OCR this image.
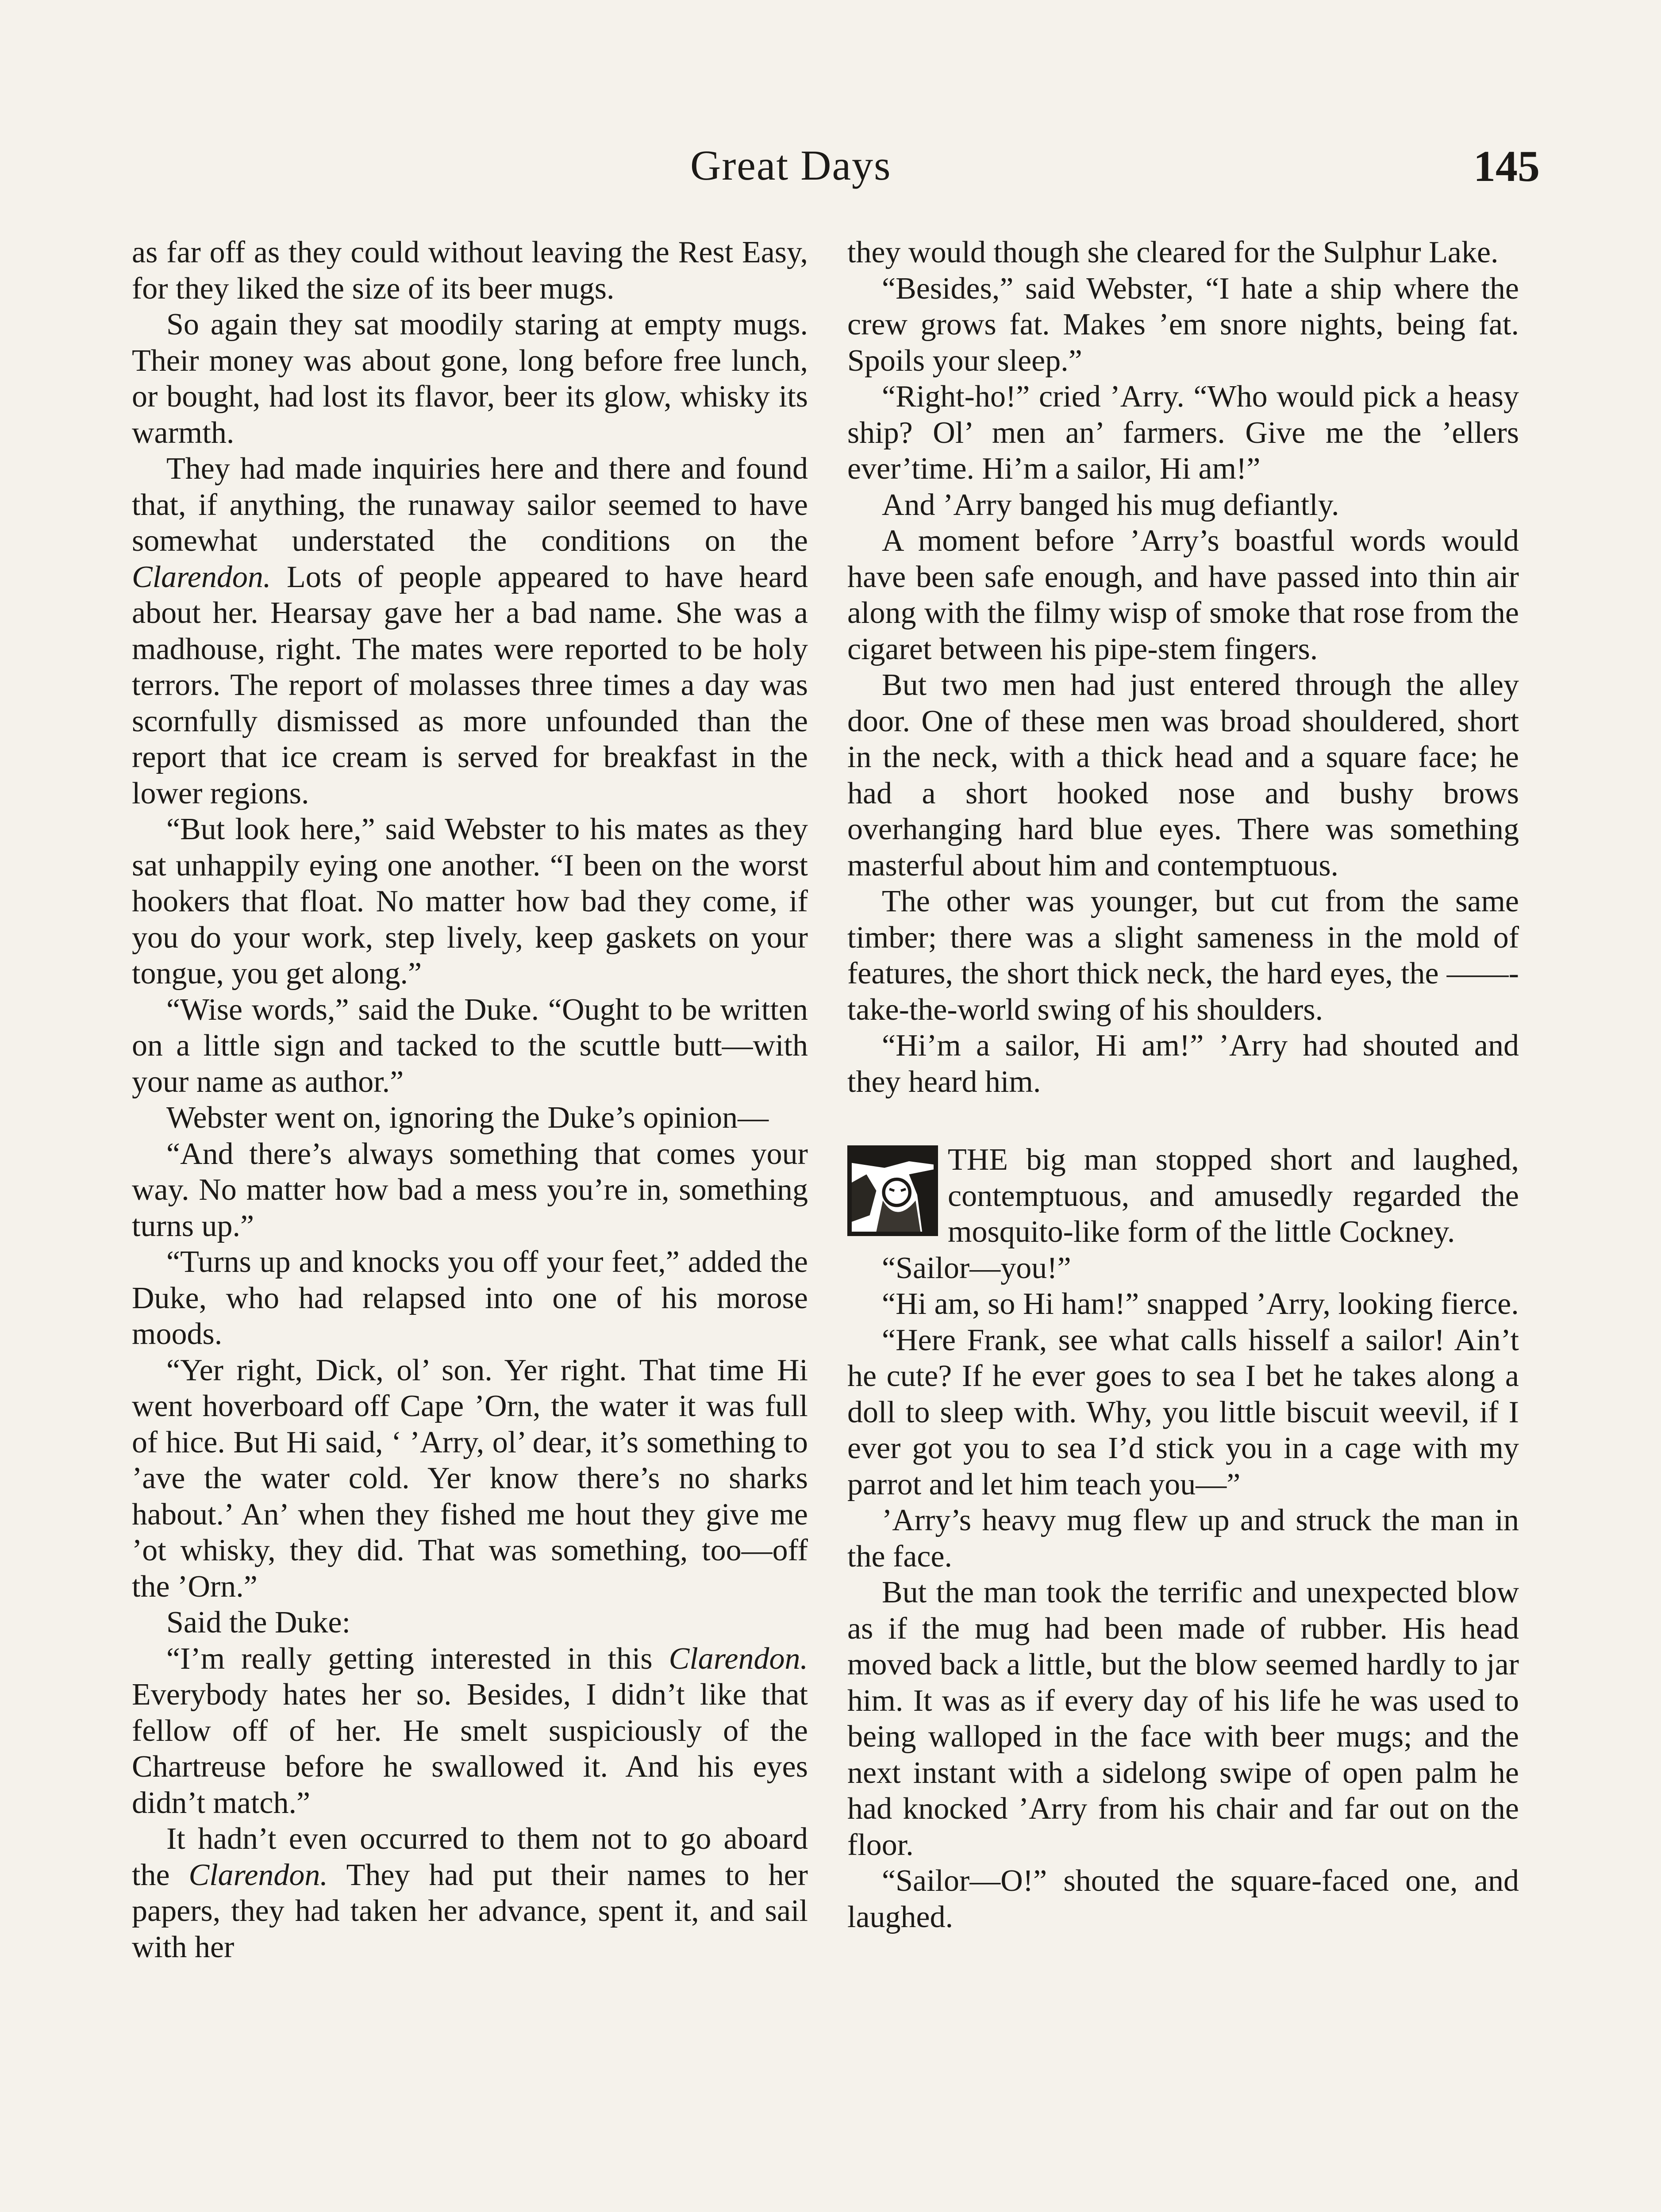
Great Days	145

as far off as they could without leaving the Rest Easy, for they liked the size of its beer mugs.

So again they sat moodily staring at empty mugs. Their money was about gone, long before free lunch, or bought, had lost its flavor, beer its glow, whisky its warmth.

They had made inquiries here and there and found that, if anything, the runaway sailor seemed to have somewhat understated the conditions on the Clarendon. Lots of people appeared to have heard about her. Hearsay gave her a bad name. She was a madhouse, right. The mates were reported to be holy terrors. The report of molasses three times a day was scornfully dismissed as more unfounded than the report that ice cream is served for breakfast in the lower regions.

“But look here,” said Webster to his mates as they sat unhappily eying one another. “I been on the worst hookers that float. No matter how bad they come, if you do your work, step lively, keep gaskets on your tongue, you get along.”

“Wise words,” said the Duke. “Ought to be written on a little sign and tacked to the scuttle butt—with your name as author.”

Webster went on, ignoring the Duke’s opinion—

“And there’s always something that comes your way. No matter how bad a mess you’re in, something turns up.”

“Turns up and knocks you off your feet,” added the Duke, who had relapsed into one of his morose moods.

“Yer right, Dick, ol’ son. Yer right. That time Hi went hoverboard off Cape ’Orn, the water it was full of hice. But Hi said, ‘ ’Arry, ol’ dear, it’s something to ’ave the water cold. Yer know there’s no sharks habout.’ An’ when they fished me hout they give me ’ot whisky, they did. That was something, too—off the ’Orn.”

Said the Duke:

“I’m really getting interested in this Clarendon. Everybody hates her so. Besides, I didn’t like that fellow off of her. He smelt suspiciously of the Chartreuse before he swallowed it. And his eyes didn’t match.”

It hadn’t even occurred to them not to go aboard the Clarendon. They had put their names to her papers, they had taken her advance, spent it, and sail with her

they would though she cleared for the Sulphur Lake.

“Besides,” said Webster, “I hate a ship where the crew grows fat. Makes ’em snore nights, being fat. Spoils your sleep.”

“Right-ho!” cried ’Arry. “Who would pick a heasy ship? Ol’ men an’ farmers. Give me the ’ellers ever’time. Hi’m a sailor, Hi am!”

And ’Arry banged his mug defiantly.

A moment before ’Arry’s boastful words would have been safe enough, and have passed into thin air along with the filmy wisp of smoke that rose from the cigaret between his pipe-stem fingers.

But two men had just entered through the alley door. One of these men was broad shouldered, short in the neck, with a thick head and a square face; he had a short hooked nose and bushy brows overhanging hard blue eyes. There was something masterful about him and contemptuous.

The other was younger, but cut from the same timber; there was a slight sameness in the mold of features, the short thick neck, the hard eyes, the ——-take-the-world swing of his shoulders.

“Hi’m a sailor, Hi am!” ’Arry had shouted and they heard him.

THE big man stopped short and laughed, contemptuous, and amusedly regarded the mosquito-like form of the little Cockney.

“Sailor—you!”

“Hi am, so Hi ham!” snapped ’Arry, looking fierce.

“Here Frank, see what calls hisself a sailor! Ain’t he cute? If he ever goes to sea I bet he takes along a doll to sleep with. Why, you little biscuit weevil, if I ever got you to sea I’d stick you in a cage with my parrot and let him teach you—”

’Arry’s heavy mug flew up and struck the man in the face.

But the man took the terrific and unexpected blow as if the mug had been made of rubber. His head moved back a little, but the blow seemed hardly to jar him. It was as if every day of his life he was used to being walloped in the face with beer mugs; and the next instant with a sidelong swipe of open palm he had knocked ’Arry from his chair and far out on the floor.

“Sailor—O!” shouted the square-faced one, and laughed.
